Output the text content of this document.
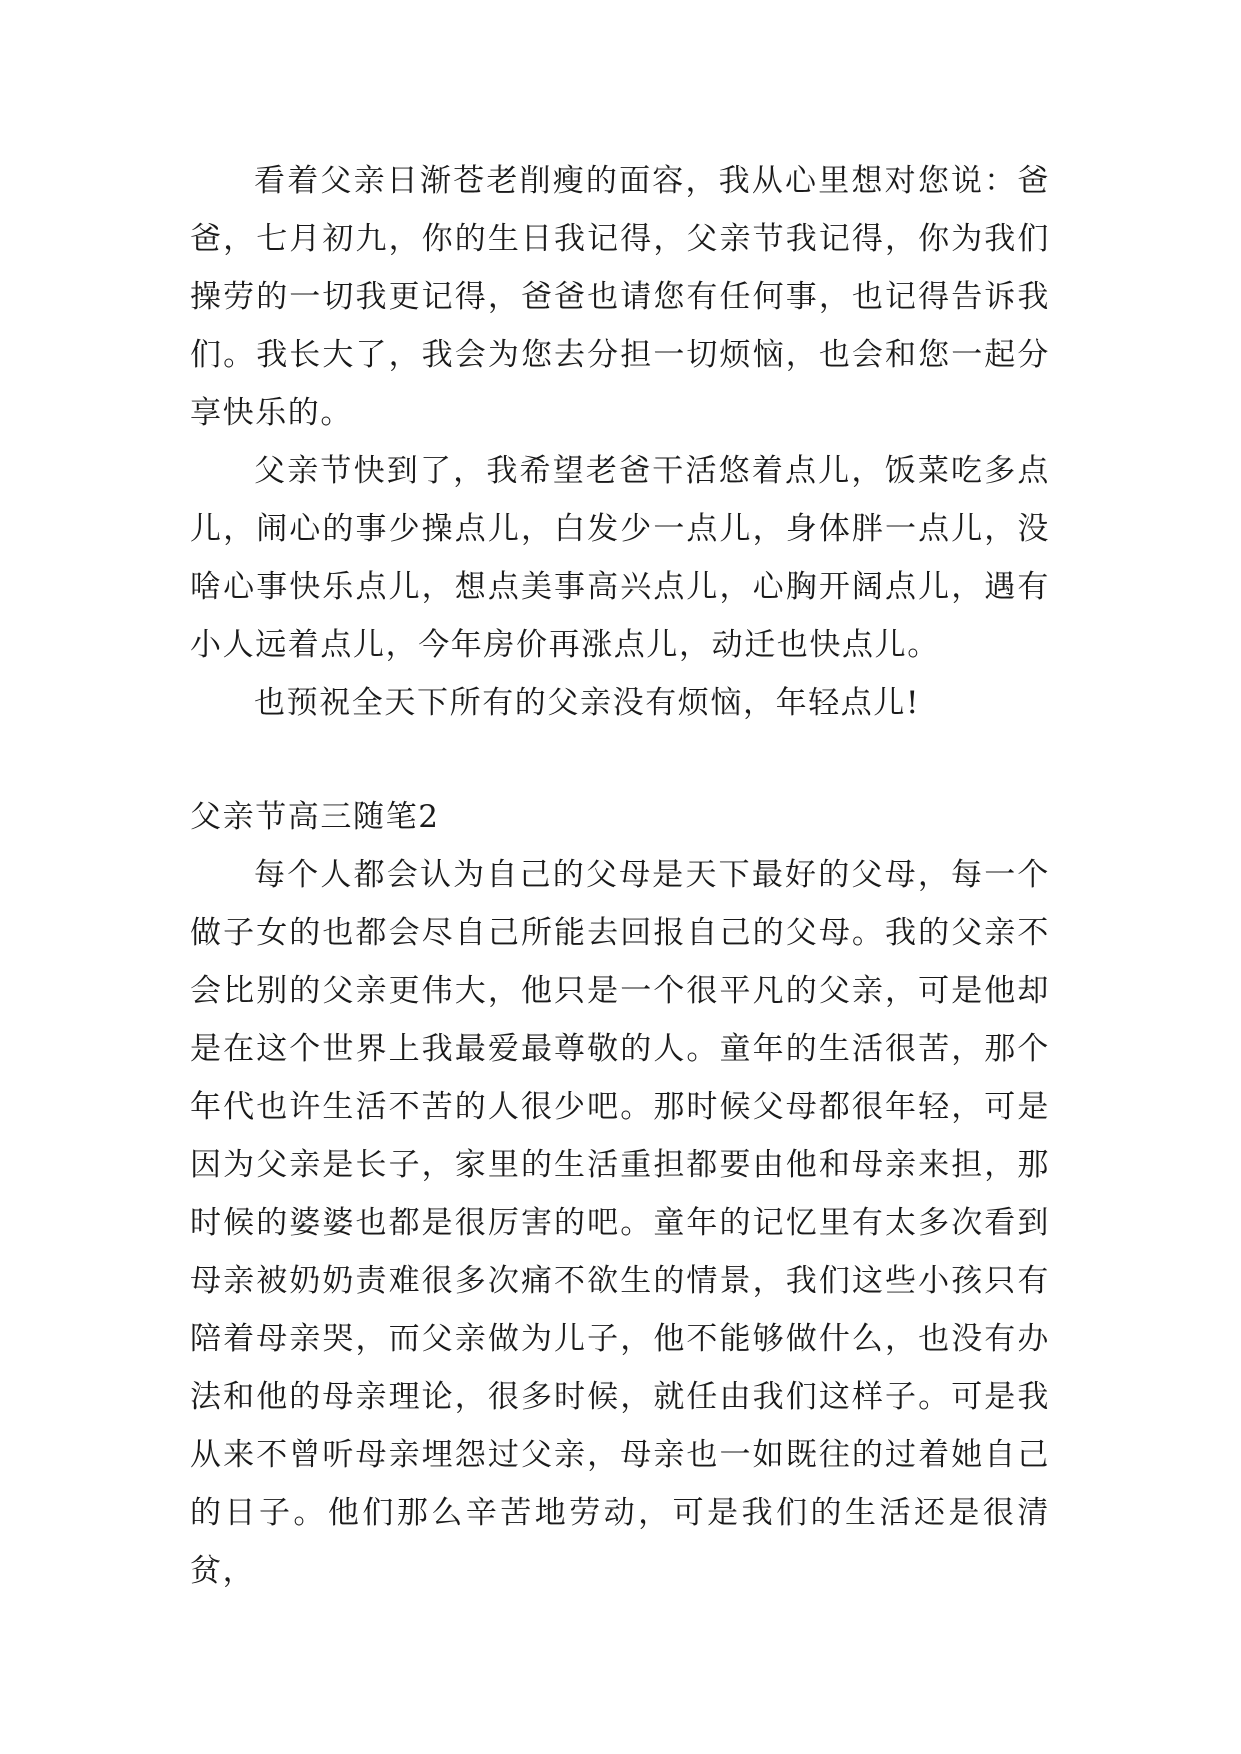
看着父亲日渐苍老削瘦的面容，我从心里想对您说：爸爸，七月初九，你的生日我记得，父亲节我记得，你为我们操劳的一切我更记得，爸爸也请您有任何事，也记得告诉我们。我长大了，我会为您去分担一切烦恼，也会和您一起分享快乐的。

父亲节快到了，我希望老爸干活悠着点儿，饭菜吃多点儿，闹心的事少操点儿，白发少一点儿，身体胖一点儿，没啥心事快乐点儿，想点美事高兴点儿，心胸开阔点儿，遇有小人远着点儿，今年房价再涨点儿，动迁也快点儿。

也预祝全天下所有的父亲没有烦恼，年轻点儿!

父亲节高三随笔2

每个人都会认为自己的父母是天下最好的父母，每一个做子女的也都会尽自己所能去回报自己的父母。我的父亲不会比别的父亲更伟大，他只是一个很平凡的父亲，可是他却是在这个世界上我最爱最尊敬的人。童年的生活很苦，那个年代也许生活不苦的人很少吧。那时候父母都很年轻，可是因为父亲是长子，家里的生活重担都要由他和母亲来担，那时候的婆婆也都是很厉害的吧。童年的记忆里有太多次看到母亲被奶奶责难很多次痛不欲生的情景，我们这些小孩只有陪着母亲哭，而父亲做为儿子，他不能够做什么，也没有办法和他的母亲理论，很多时候，就任由我们这样子。可是我从来不曾听母亲埋怨过父亲，母亲也一如既往的过着她自己的日子。他们那么辛苦地劳动，可是我们的生活还是很清贫，
